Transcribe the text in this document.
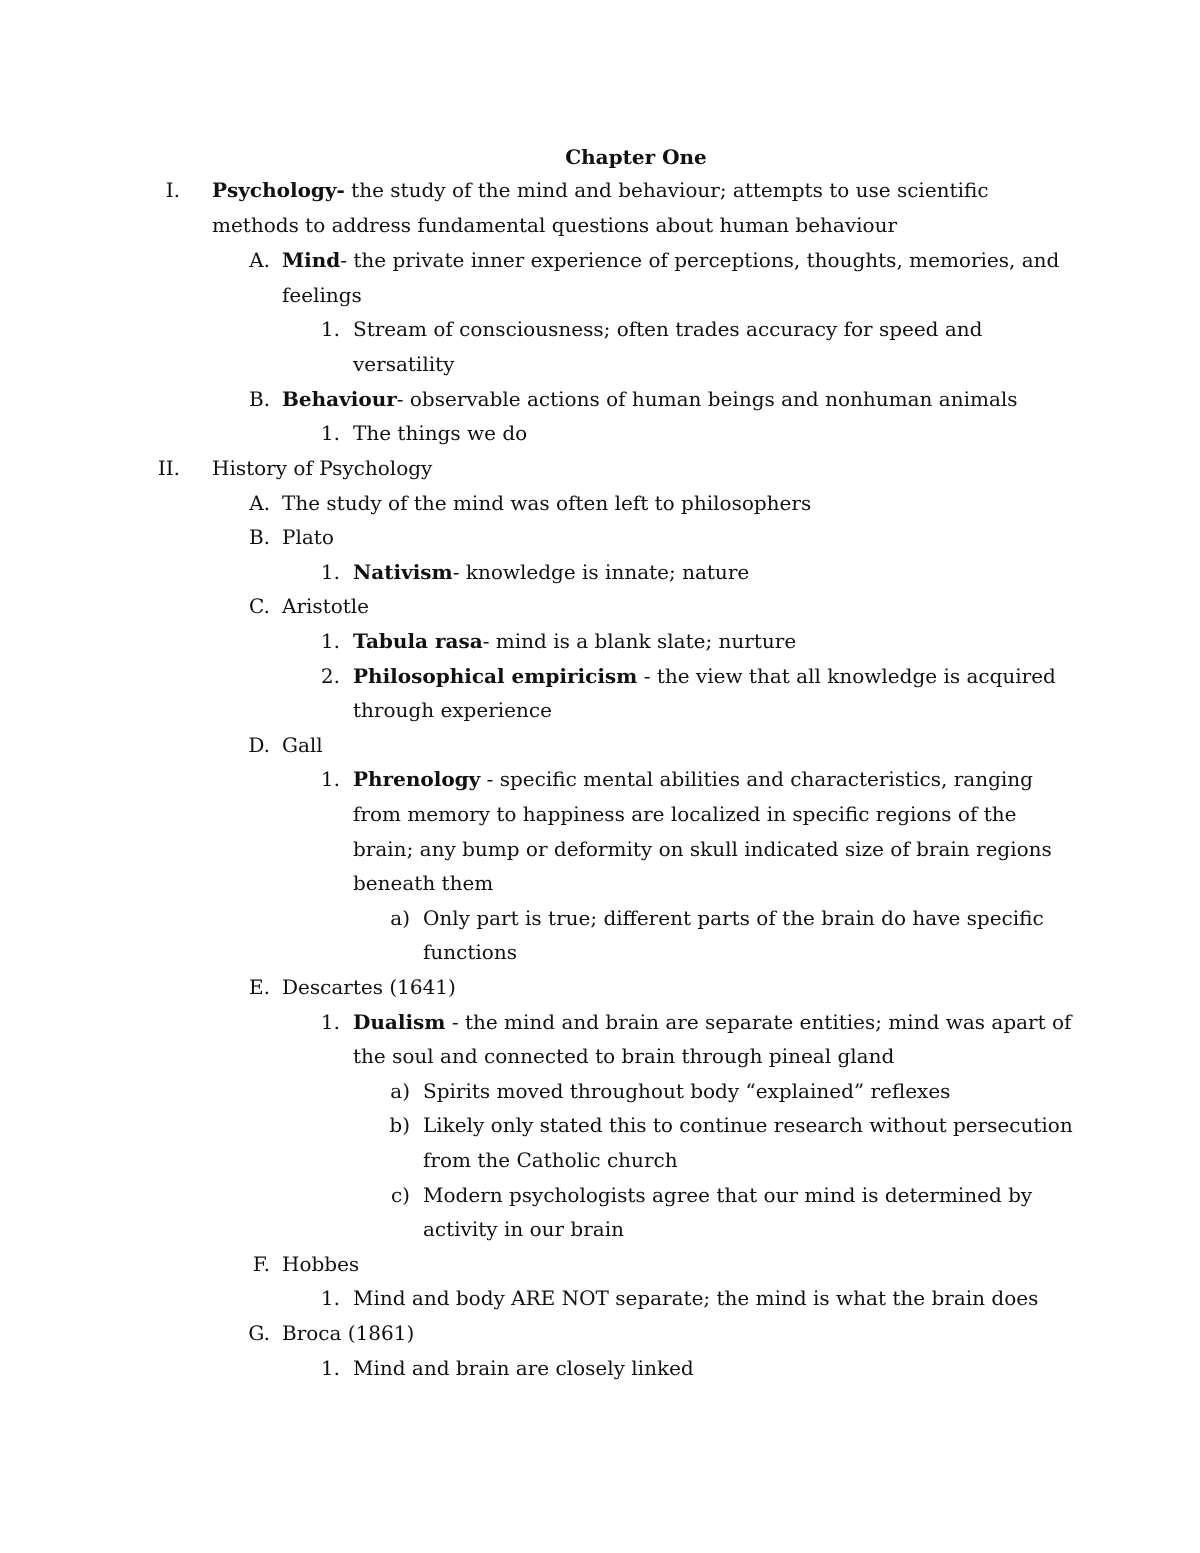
Chapter One
I. Psychology- the study of the mind and behaviour; attempts to use scientific
methods to address fundamental questions about human behaviour
A. Mind- the private inner experience of perceptions, thoughts, memories, and
feelings
1. Stream of consciousness; often trades accuracy for speed and
versatility
B. Behaviour- observable actions of human beings and nonhuman animals
1. The things we do
II. History of Psychology
A. The study of the mind was often left to philosophers
B. Plato
1. Nativism- knowledge is innate; nature
C. Aristotle
1. Tabula rasa- mind is a blank slate; nurture
2. Philosophical empiricism - the view that all knowledge is acquired
through experience
D. Gall
1. Phrenology - specific mental abilities and characteristics, ranging
from memory to happiness are localized in specific regions of the
brain; any bump or deformity on skull indicated size of brain regions
beneath them
a) Only part is true; different parts of the brain do have specific
functions
E. Descartes (1641)
1. Dualism - the mind and brain are separate entities; mind was apart of
the soul and connected to brain through pineal gland
a) Spirits moved throughout body “explained” reflexes
b) Likely only stated this to continue research without persecution
from the Catholic church
c) Modern psychologists agree that our mind is determined by
activity in our brain
F. Hobbes
1. Mind and body ARE NOT separate; the mind is what the brain does
G. Broca (1861)
1. Mind and brain are closely linked
